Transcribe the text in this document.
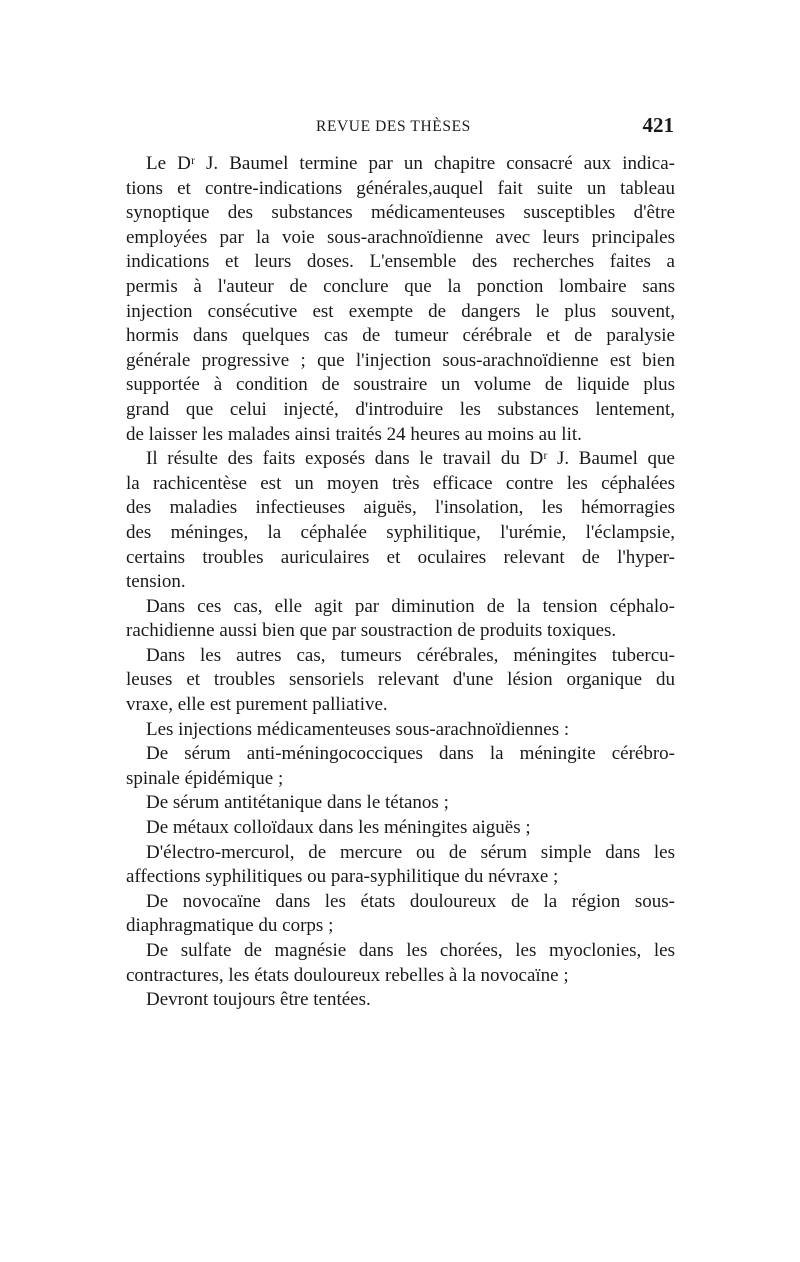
REVUE DES THÈSES	421
Le Dʳ J. Baumel termine par un chapitre consacré aux indica-
tions et contre-indications générales,auquel fait suite un tableau
synoptique des substances médicamenteuses susceptibles d'être
employées par la voie sous-arachnoïdienne avec leurs principales
indications et leurs doses. L'ensemble des recherches faites a
permis à l'auteur de conclure que la ponction lombaire sans
injection consécutive est exempte de dangers le plus souvent,
hormis dans quelques cas de tumeur cérébrale et de paralysie
générale progressive ; que l'injection sous-arachnoïdienne est bien
supportée à condition de soustraire un volume de liquide plus
grand que celui injecté, d'introduire les substances lentement,
de laisser les malades ainsi traités 24 heures au moins au lit.
Il résulte des faits exposés dans le travail du Dʳ J. Baumel que
la rachicentèse est un moyen très efficace contre les céphalées
des maladies infectieuses aiguës, l'insolation, les hémorragies
des méninges, la céphalée syphilitique, l'urémie, l'éclampsie,
certains troubles auriculaires et oculaires relevant de l'hyper-
tension.
Dans ces cas, elle agit par diminution de la tension céphalo-
rachidienne aussi bien que par soustraction de produits toxiques.
Dans les autres cas, tumeurs cérébrales, méningites tubercu-
leuses et troubles sensoriels relevant d'une lésion organique du
vraxe, elle est purement palliative.
Les injections médicamenteuses sous-arachnoïdiennes :
De sérum anti-méningococciques dans la méningite cérébro-
spinale épidémique ;
De sérum antitétanique dans le tétanos ;
De métaux colloïdaux dans les méningites aiguës ;
D'électro-mercurol, de mercure ou de sérum simple dans les
affections syphilitiques ou para-syphilitique du névraxe ;
De novocaïne dans les états douloureux de la région sous-
diaphragmatique du corps ;
De sulfate de magnésie dans les chorées, les myoclonies, les
contractures, les états douloureux rebelles à la novocaïne ;
Devront toujours être tentées.
